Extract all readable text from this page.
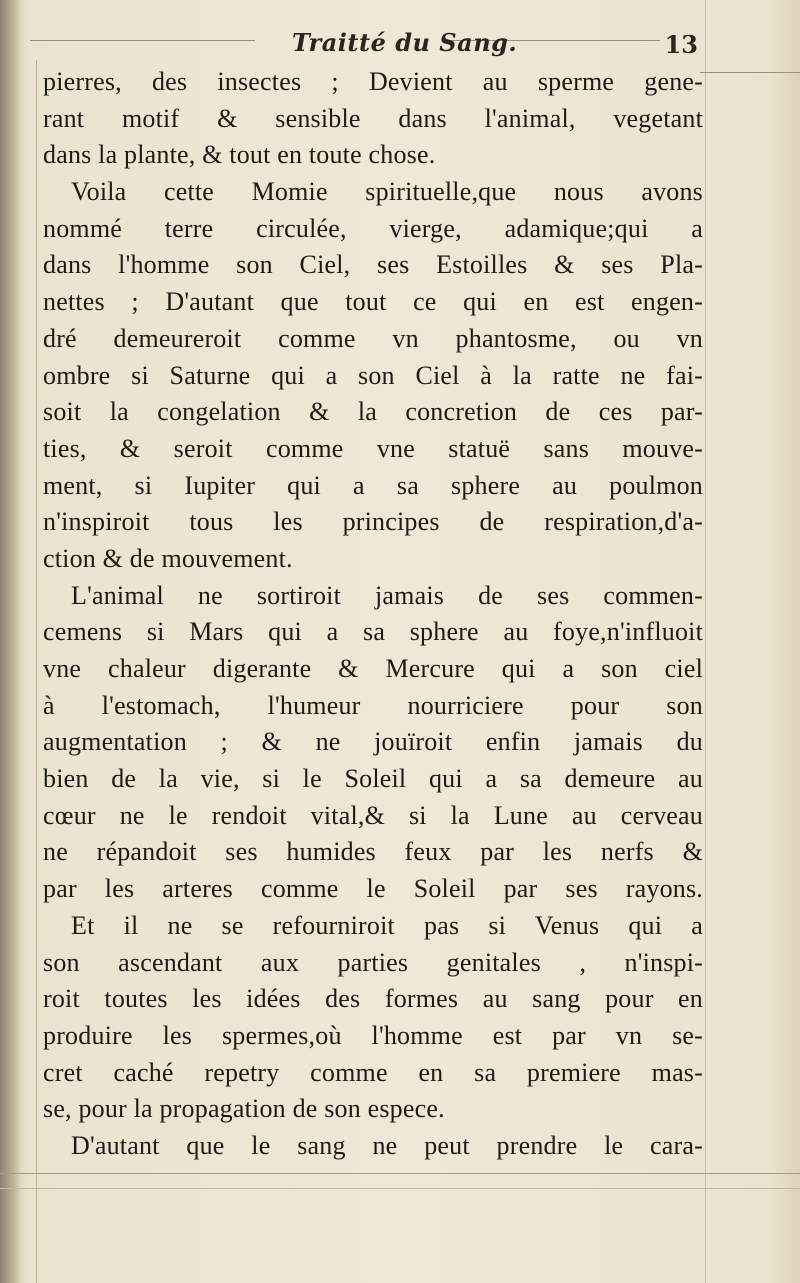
Traitté du Sang.	13
pierres, des insectes ; Devient au sperme gene-
rant motif & sensible dans l'animal, vegetant
dans la plante, & tout en toute chose.
Voila cette Momie spirituelle,que nous avons
nommé terre circulée, vierge, adamique;qui a
dans l'homme son Ciel, ses Estoilles & ses Pla-
nettes ; D'autant que tout ce qui en est engen-
dré demeureroit comme vn phantosme, ou vn
ombre si Saturne qui a son Ciel à la ratte ne fai-
soit la congelation & la concretion de ces par-
ties, & seroit comme vne statuë sans mouve-
ment, si Iupiter qui a sa sphere au poulmon
n'inspiroit tous les principes de respiration,d'a-
ction & de mouvement.
L'animal ne sortiroit jamais de ses commen-
cemens si Mars qui a sa sphere au foye,n'influoit
vne chaleur digerante & Mercure qui a son ciel
à l'estomach, l'humeur nourriciere pour son
augmentation ; & ne jouïroit enfin jamais du
bien de la vie, si le Soleil qui a sa demeure au
cœur ne le rendoit vital,& si la Lune au cerveau
ne répandoit ses humides feux par les nerfs &
par les arteres comme le Soleil par ses rayons.
Et il ne se refourniroit pas si Venus qui a
son ascendant aux parties genitales , n'inspi-
roit toutes les idées des formes au sang pour en
produire les spermes,où l'homme est par vn se-
cret caché repetry comme en sa premiere mas-
se, pour la propagation de son espece.
D'autant que le sang ne peut prendre le cara-
